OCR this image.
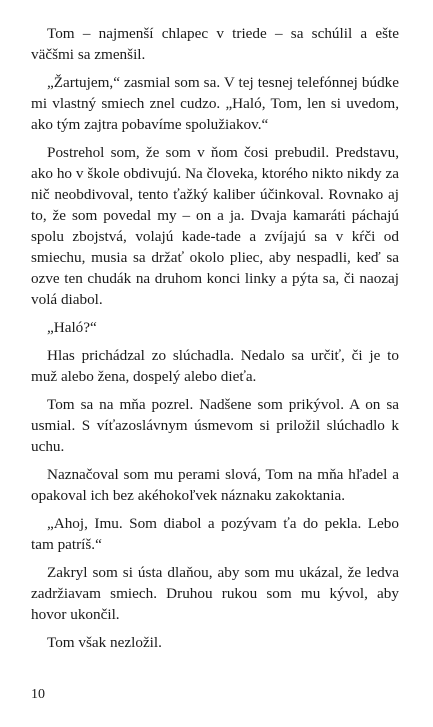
Tom – najmenší chlapec v triede – sa schúlil a ešte väčšmi sa zmenšil.

„Žartujem,“ zasmial som sa. V tej tesnej telefónnej búdke mi vlastný smiech znel cudzo. „Haló, Tom, len si uvedom, ako tým zajtra pobavíme spolužiakov.“

Postrehol som, že som v ňom čosi prebudil. Predstavu, ako ho v škole obdivujú. Na človeka, ktorého nikto nikdy za nič neobdivoval, tento ťažký kaliber účinkoval. Rovnako aj to, že som povedal my – on a ja. Dvaja kamaráti páchajú spolu zbojstvá, volajú kade-tade a zvíjajú sa v kŕči od smiechu, musia sa držať okolo pliec, aby nespadli, keď sa ozve ten chudák na druhom konci linky a pýta sa, či naozaj volá diabol.

„Haló?“

Hlas prichádzal zo slúchadla. Nedalo sa určiť, či je to muž alebo žena, dospelý alebo dieťa.

Tom sa na mňa pozrel. Nadšene som prikývol. A on sa usmial. S víťazoslávnym úsmevom si priložil slúchadlo k uchu.

Naznačoval som mu perami slová, Tom na mňa hľadel a opakoval ich bez akéhokoľvek náznaku zakoktania.

„Ahoj, Imu. Som diabol a pozývam ťa do pekla. Lebo tam patríš.“

Zakryl som si ústa dlaňou, aby som mu ukázal, že ledva zadržiavam smiech. Druhou rukou som mu kývol, aby hovor ukončil.

Tom však nezložil.

10
